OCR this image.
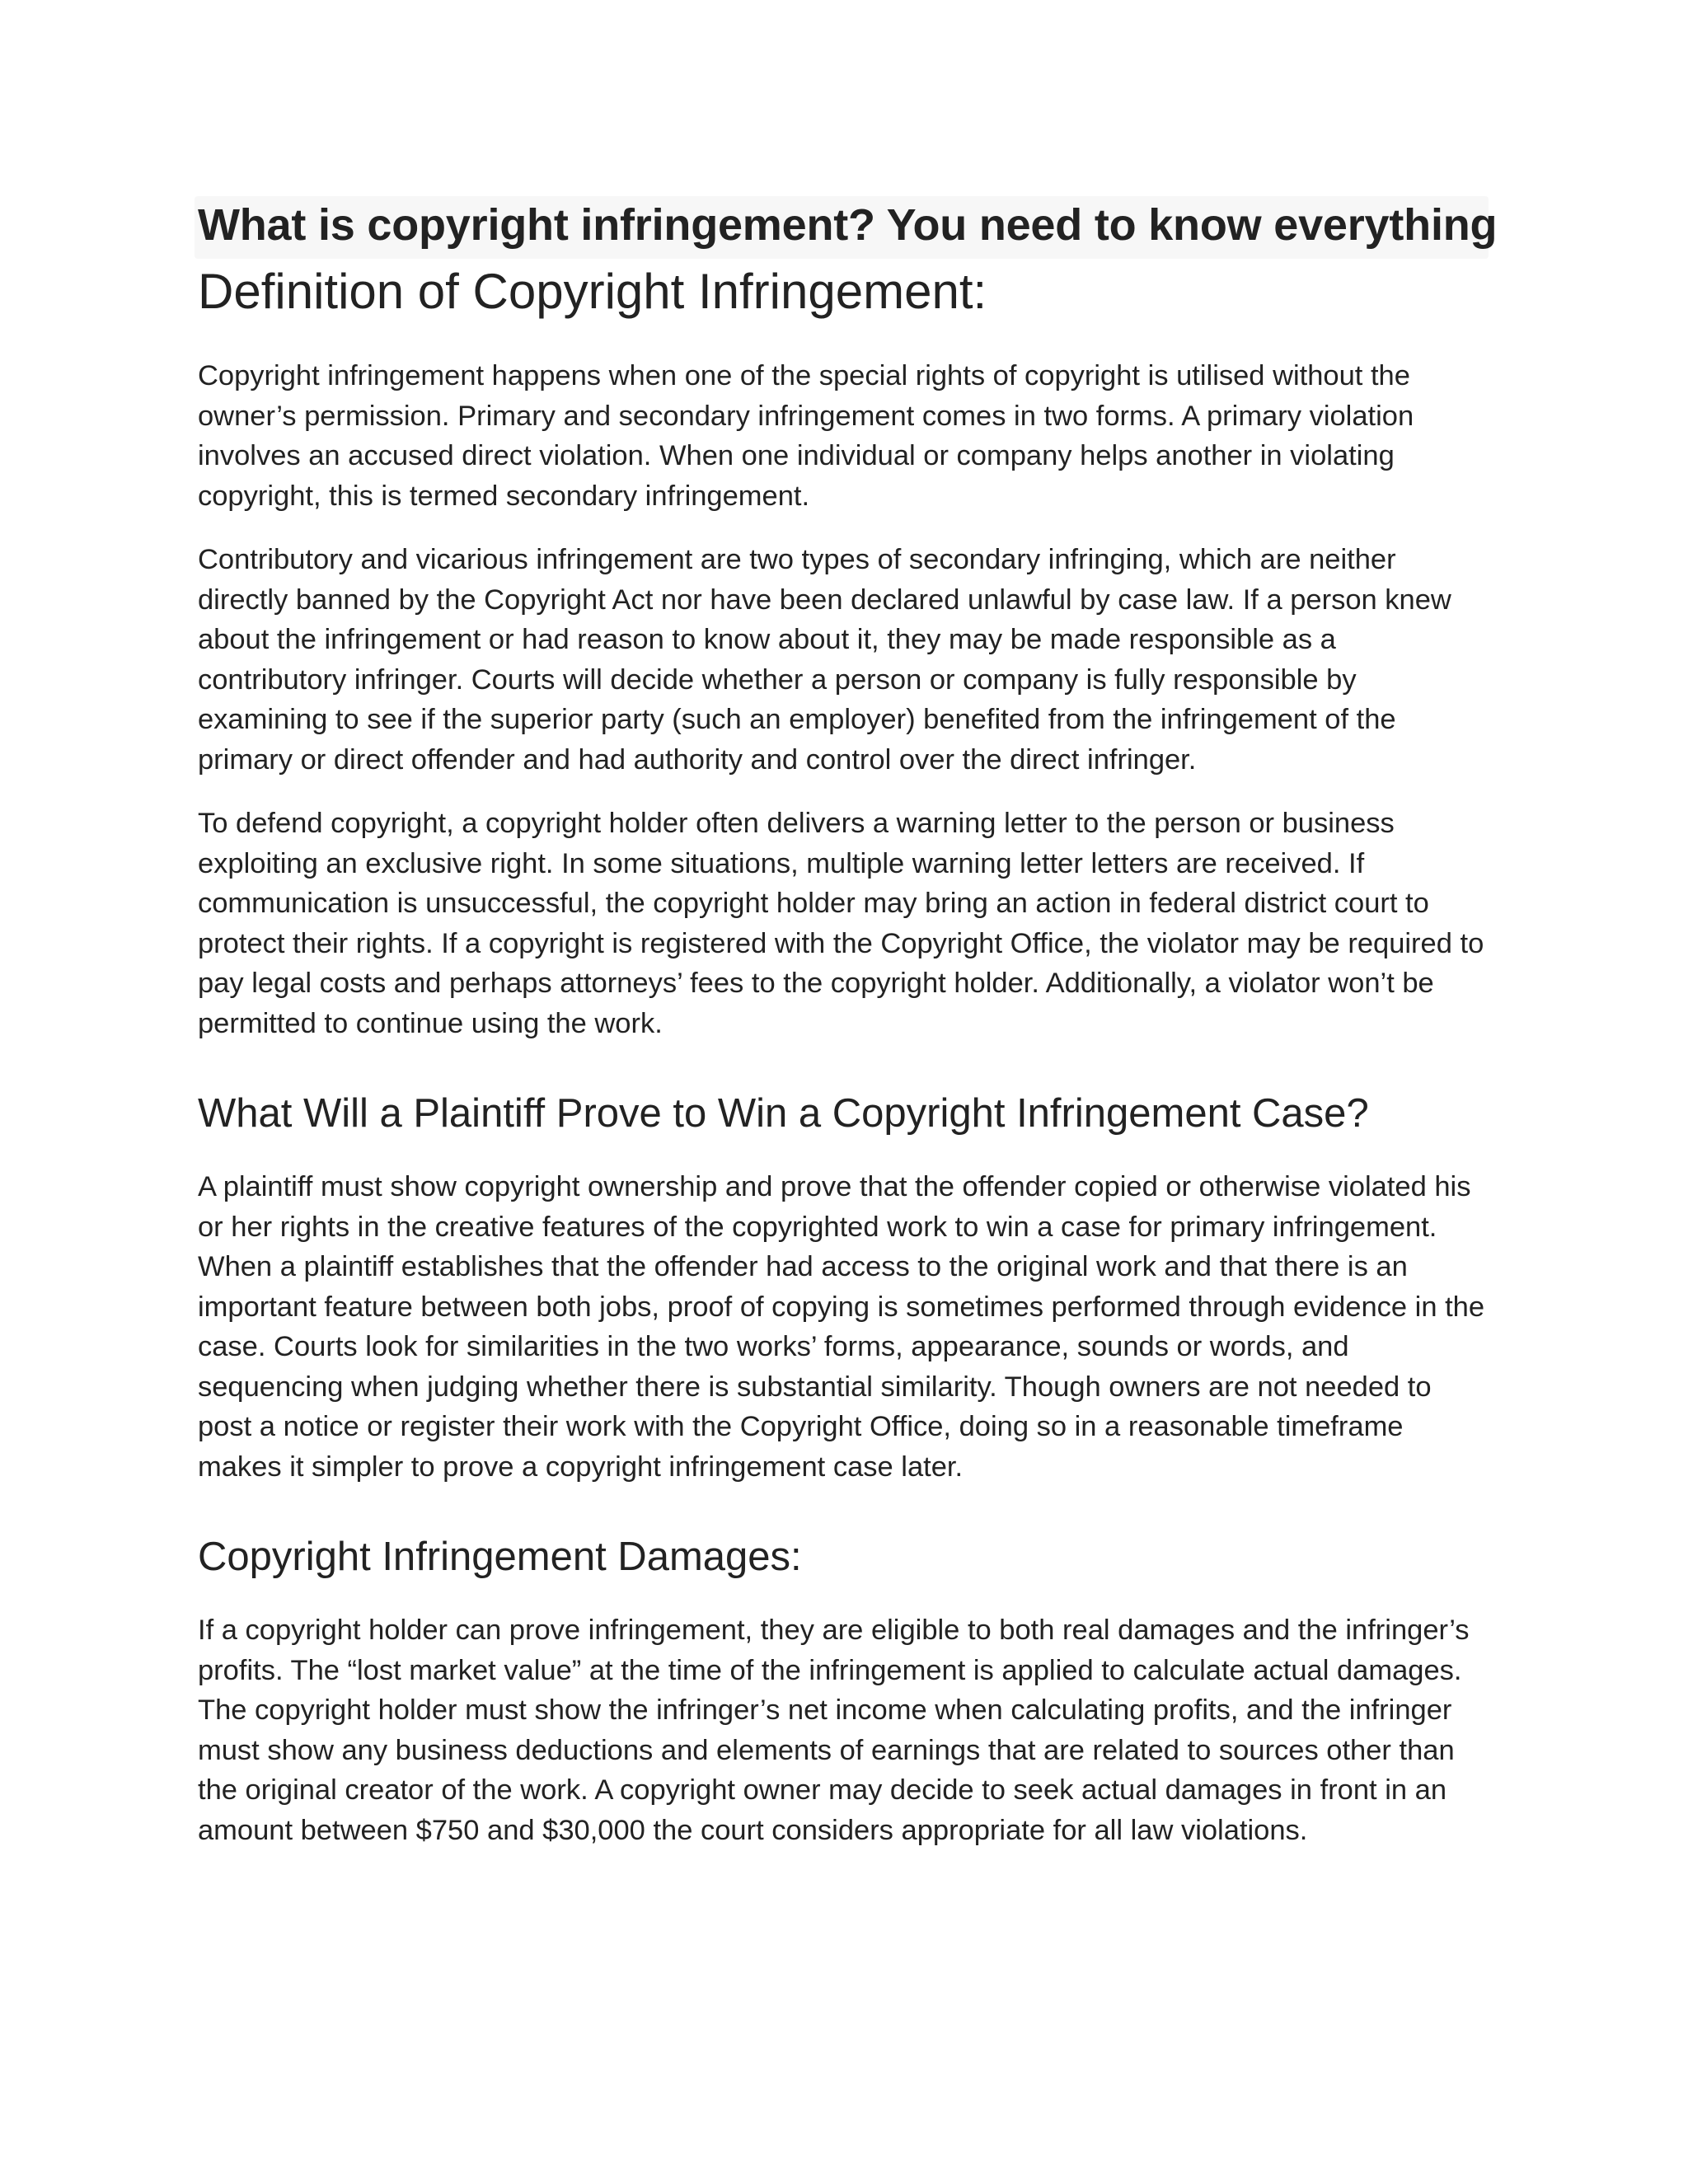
What is copyright infringement? You need to know everything
Definition of Copyright Infringement:

Copyright infringement happens when one of the special rights of copyright is utilised without the owner’s permission. Primary and secondary infringement comes in two forms. A primary violation involves an accused direct violation. When one individual or company helps another in violating copyright, this is termed secondary infringement.

Contributory and vicarious infringement are two types of secondary infringing, which are neither directly banned by the Copyright Act nor have been declared unlawful by case law. If a person knew about the infringement or had reason to know about it, they may be made responsible as a contributory infringer. Courts will decide whether a person or company is fully responsible by examining to see if the superior party (such an employer) benefited from the infringement of the primary or direct offender and had authority and control over the direct infringer.

To defend copyright, a copyright holder often delivers a warning letter to the person or business exploiting an exclusive right. In some situations, multiple warning letter letters are received. If communication is unsuccessful, the copyright holder may bring an action in federal district court to protect their rights. If a copyright is registered with the Copyright Office, the violator may be required to pay legal costs and perhaps attorneys’ fees to the copyright holder. Additionally, a violator won’t be permitted to continue using the work.

What Will a Plaintiff Prove to Win a Copyright Infringement Case?

A plaintiff must show copyright ownership and prove that the offender copied or otherwise violated his or her rights in the creative features of the copyrighted work to win a case for primary infringement. When a plaintiff establishes that the offender had access to the original work and that there is an important feature between both jobs, proof of copying is sometimes performed through evidence in the case. Courts look for similarities in the two works’ forms, appearance, sounds or words, and sequencing when judging whether there is substantial similarity. Though owners are not needed to post a notice or register their work with the Copyright Office, doing so in a reasonable timeframe makes it simpler to prove a copyright infringement case later.

Copyright Infringement Damages:

If a copyright holder can prove infringement, they are eligible to both real damages and the infringer’s profits. The “lost market value” at the time of the infringement is applied to calculate actual damages. The copyright holder must show the infringer’s net income when calculating profits, and the infringer must show any business deductions and elements of earnings that are related to sources other than the original creator of the work. A copyright owner may decide to seek actual damages in front in an amount between $750 and $30,000 the court considers appropriate for all law violations.
